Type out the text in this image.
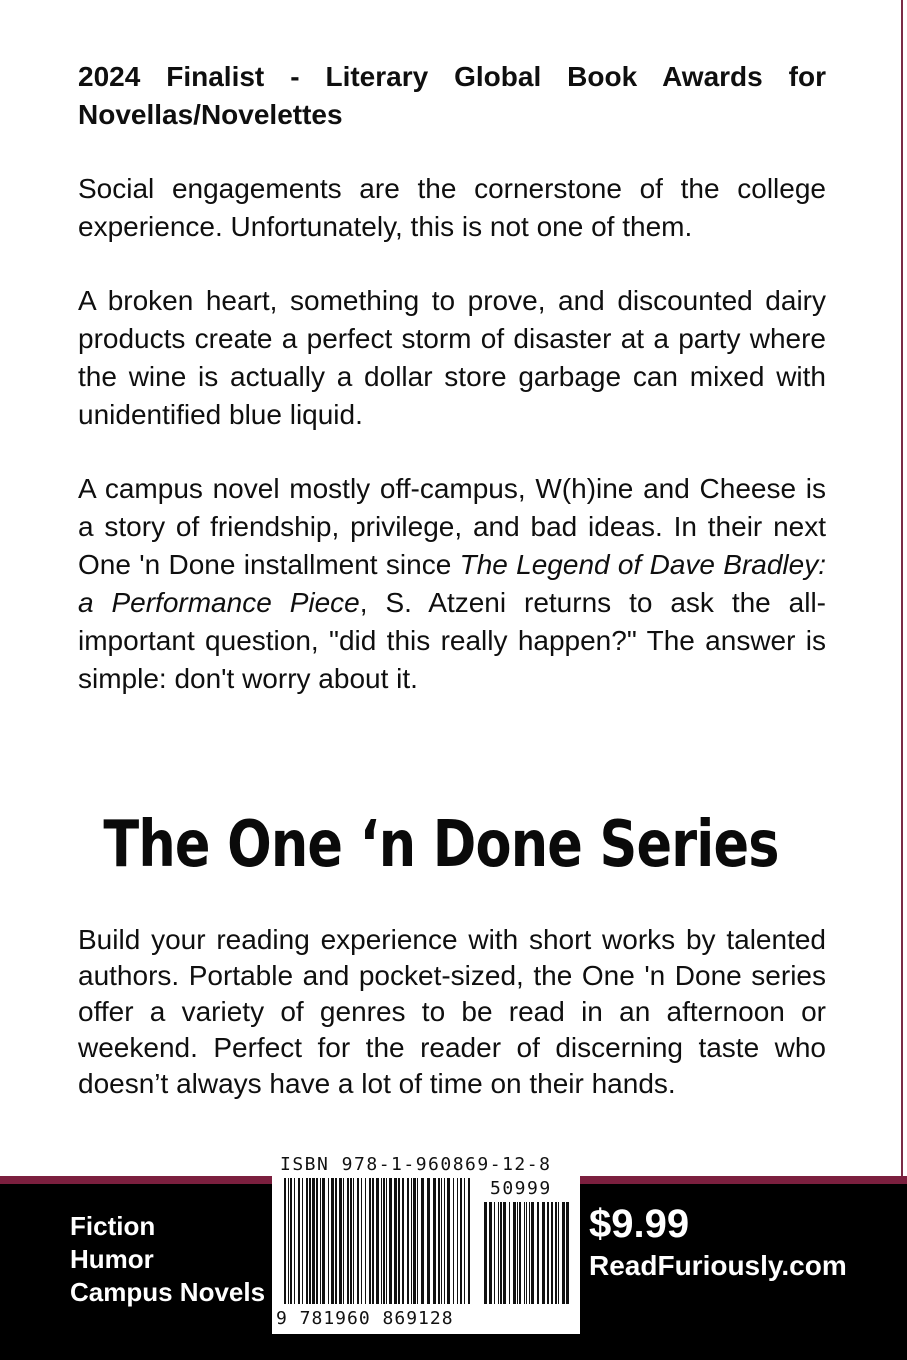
2024 Finalist - Literary Global Book Awards for Novellas/Novelettes

Social engagements are the cornerstone of the college experience. Unfortunately, this is not one of them.

A broken heart, something to prove, and discounted dairy products create a perfect storm of disaster at a party where the wine is actually a dollar store garbage can mixed with unidentified blue liquid.

A campus novel mostly off-campus, W(h)ine and Cheese is a story of friendship, privilege, and bad ideas. In their next One 'n Done installment since The Legend of Dave Bradley: a Performance Piece, S. Atzeni returns to ask the all-important question, "did this really happen?" The answer is simple: don't worry about it.

The One ‘n Done Series

Build your reading experience with short works by talented authors. Portable and pocket-sized, the One 'n Done series offer a variety of genres to be read in an afternoon or weekend. Perfect for the reader of discerning taste who doesn’t always have a lot of time on their hands.

Fiction
Humor
Campus Novels
ISBN 978-1-960869-12-8
50999
9 781960 869128
$9.99
ReadFuriously.com
